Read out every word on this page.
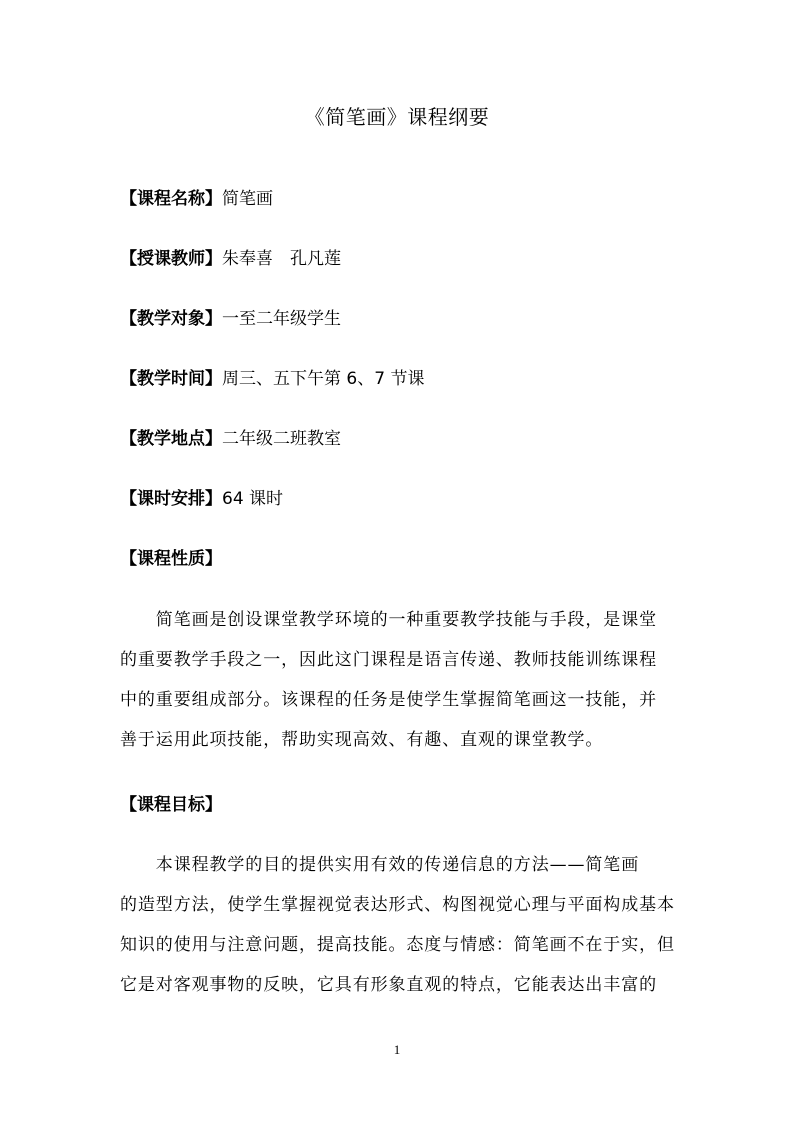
《简笔画》课程纲要
【课程名称】简笔画
【授课教师】朱奉喜　孔凡莲
【教学对象】一至二年级学生
【教学时间】周三、五下午第 6、7 节课
【教学地点】二年级二班教室
【课时安排】64 课时
【课程性质】
　　简笔画是创设课堂教学环境的一种重要教学技能与手段，是课堂
的重要教学手段之一，因此这门课程是语言传递、教师技能训练课程
中的重要组成部分。该课程的任务是使学生掌握简笔画这一技能，并
善于运用此项技能，帮助实现高效、有趣、直观的课堂教学。
【课程目标】
　　本课程教学的目的提供实用有效的传递信息的方法——简笔画
的造型方法，使学生掌握视觉表达形式、构图视觉心理与平面构成基本
知识的使用与注意问题，提高技能。态度与情感：简笔画不在于实，但
它是对客观事物的反映，它具有形象直观的特点，它能表达出丰富的
1
